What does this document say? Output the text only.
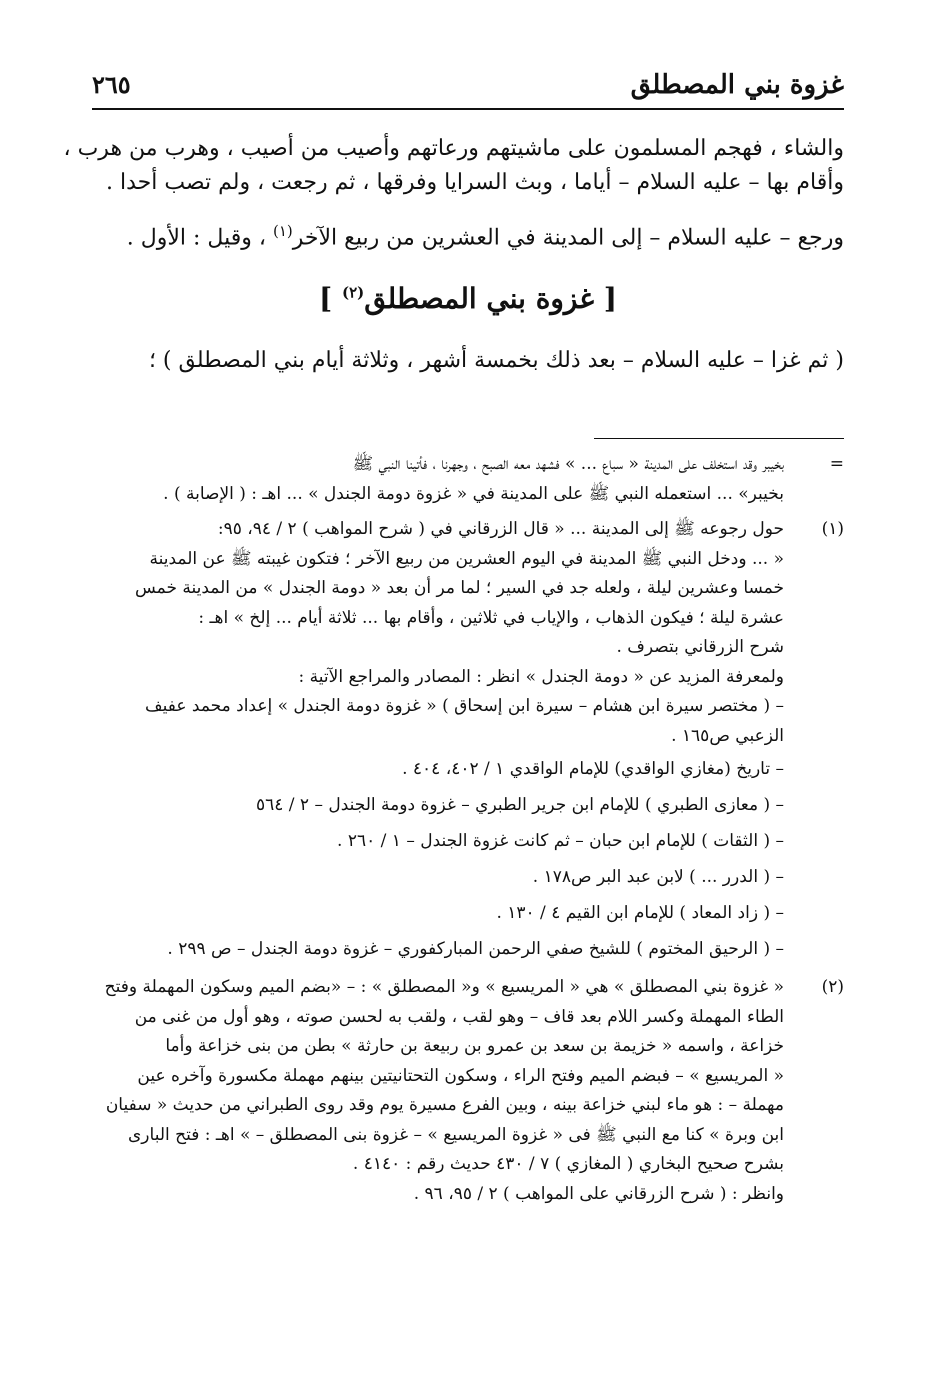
غزوة بني المصطلق
٢٦٥
والشاء ، فهجم المسلمون على ماشيتهم ورعاتهم وأصيب من أصيب ، وهرب من هرب ،
وأقام بها – عليه السلام – أياما ، وبث السرايا وفرقها ، ثم رجعت ، ولم تصب أحدا .
ورجع – عليه السلام – إلى المدينة في العشرين من ربيع الآخر$^{(١)}$ ، وقيل : الأول .
[ غزوة بني المصطلق$^{(٢)}$ ]
( ثم غزا – عليه السلام – بعد ذلك بخمسة أشهر ، وثلاثة أيام بني المصطلق ) ؛
=بخيبر وقد استخلف على المدينة « سباع ... » فشهد معه الصبح ، وجهرنا ، فأتينا النبي ﷺ
بخيبر» ... استعمله النبي ﷺ على المدينة في « غزوة دومة الجندل » ... اهـ : ( الإصابة ) .
(١)حول رجوعه ﷺ إلى المدينة ... « قال الزرقاني في ( شرح المواهب ) ٢ / ٩٤، ٩٥:
« ... ودخل النبي ﷺ المدينة في اليوم العشرين من ربيع الآخر ؛ فتكون غيبته ﷺ عن المدينة
خمسا وعشرين ليلة ، ولعله جد في السير ؛ لما مر أن بعد « دومة الجندل » من المدينة خمس
عشرة ليلة ؛ فيكون الذهاب ، والإياب في ثلاثين ، وأقام بها ... ثلاثة أيام ... إلخ » اهـ :
شرح الزرقاني بتصرف .
ولمعرفة المزيد عن « دومة الجندل » انظر : المصادر والمراجع الآتية :
– ( مختصر سيرة ابن هشام – سيرة ابن إسحاق ) « غزوة دومة الجندل » إعداد محمد عفيف
الزعبي ص١٦٥ .
– تاريخ (مغازي الواقدي) للإمام الواقدي ١ / ٤٠٢، ٤٠٤ .
– ( معازى الطبري ) للإمام ابن جرير الطبري – غزوة دومة الجندل – ٢ / ٥٦٤
– ( الثقات ) للإمام ابن حبان – ثم كانت غزوة الجندل – ١ / ٢٦٠ .
– ( الدرر ... ) لابن عبد البر ص١٧٨ .
– ( زاد المعاد ) للإمام ابن القيم ٤ / ١٣٠ .
– ( الرحيق المختوم ) للشيخ صفي الرحمن المباركفوري – غزوة دومة الجندل – ص ٢٩٩ .
(٢)« غزوة بني المصطلق » هي « المريسيع » و« المصطلق » : – «بضم الميم وسكون المهملة وفتح
الطاء المهملة وكسر اللام بعد قاف – وهو لقب ، ولقب به لحسن صوته ، وهو أول من غنى من
خزاعة ، واسمه « خزيمة بن سعد بن عمرو بن ربيعة بن حارثة » بطن من بنى خزاعة وأما
« المريسيع » – فبضم الميم وفتح الراء ، وسكون التحتانيتين بينهم مهملة مكسورة وآخره عين
مهملة – : هو ماء لبني خزاعة بينه ، وبين الفرع مسيرة يوم وقد روى الطبراني من حديث « سفيان
ابن وبرة » كنا مع النبي ﷺ فى « غزوة المريسيع » – غزوة بنى المصطلق – » اهـ : فتح البارى
بشرح صحيح البخاري ( المغازي ) ٧ / ٤٣٠ حديث رقم : ٤١٤٠ .
وانظر : ( شرح الزرقاني على المواهب ) ٢ / ٩٥، ٩٦ .
